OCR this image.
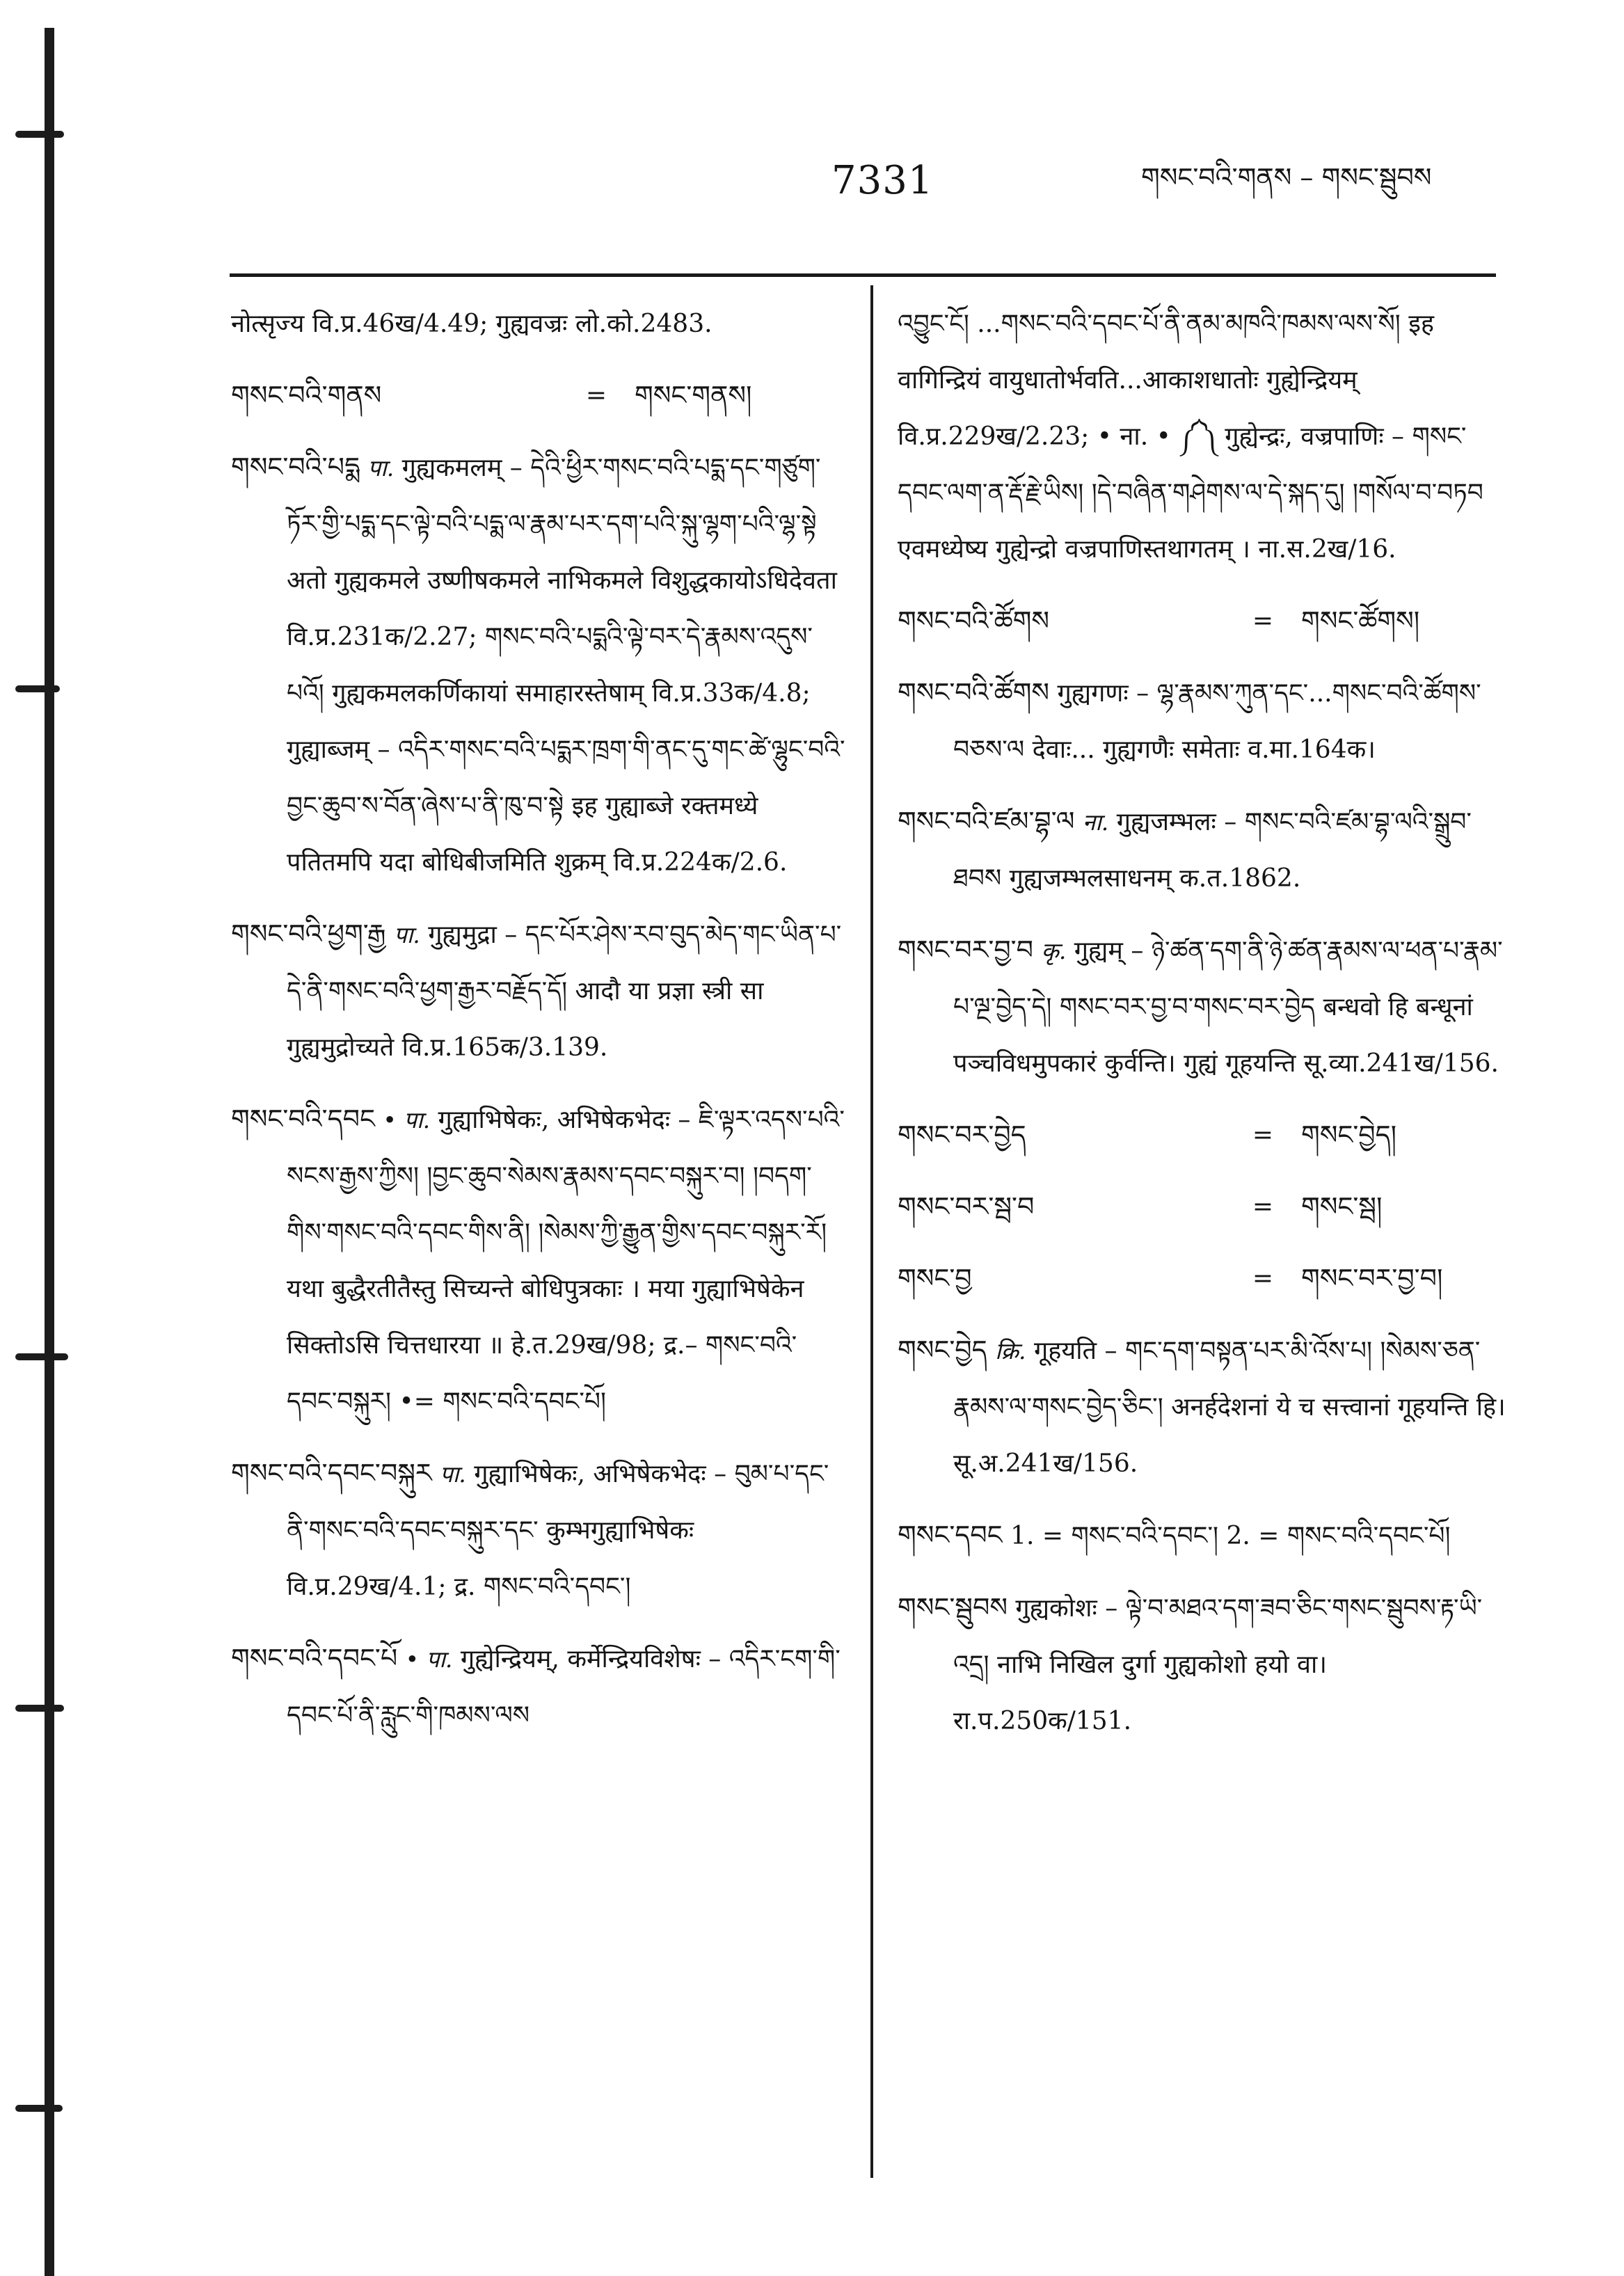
7331	གསང་བའི་གནས – གསང་སྦུབས

नोत्सृज्य वि.प्र.46ख/4.49; गुह्यवज्रः लो.को.2483.

གསང་བའི་གནས	=	གསང་གནས།

གསང་བའི་པདྨ पा. गुह्यकमलम् – དེའི་ཕྱིར་གསང་བའི་པདྨ་དང་གཙུག་ཏོར་གྱི་པདྨ་དང་ལྟེ་བའི་པདྨ་ལ་རྣམ་པར་དག་པའི་སྐུ་ལྷག་པའི་ལྷ་སྟེ अतो गुह्यकमले उष्णीषकमले नाभिकमले विशुद्धकायोऽधिदेवता वि.प्र.231क/2.27; གསང་བའི་པདྨའི་ལྟེ་བར་དེ་རྣམས་འདུས་པའོ། गुह्यकमलकर्णिकायां समाहारस्तेषाम् वि.प्र.33क/4.8; गुह्याब्जम् – འདིར་གསང་བའི་པདྨར་ཁྲག་གི་ནང་དུ་གང་ཚེ་ལྷུང་བའི་བྱང་ཆུབ་ས་བོན་ཞེས་པ་ནི་ཁུ་བ་སྟེ इह गुह्याब्जे रक्तमध्ये पतितमपि यदा बोधिबीजमिति शुक्रम् वि.प्र.224क/2.6.

གསང་བའི་ཕྱག་རྒྱ पा. गुह्यमुद्रा – དང་པོར་ཤེས་རབ་བུད་མེད་གང་ཡིན་པ་དེ་ནི་གསང་བའི་ཕྱག་རྒྱར་བརྗོད་དོ། आदौ या प्रज्ञा स्त्री सा गुह्यमुद्रोच्यते वि.प्र.165क/3.139.

གསང་བའི་དབང • पा. गुह्याभिषेकः, अभिषेकभेदः – ཇི་ལྟར་འདས་པའི་སངས་རྒྱས་ཀྱིས། །བྱང་ཆུབ་སེམས་རྣམས་དབང་བསྐུར་བ། །བདག་གིས་གསང་བའི་དབང་གིས་ནི། །སེམས་ཀྱི་རྒྱུན་གྱིས་དབང་བསྐུར་རོ། यथा बुद्धैरतीतैस्तु सिच्यन्ते बोधिपुत्रकाः । मया गुह्याभिषेकेन सिक्तोऽसि चित्तधारया ॥ हे.त.29ख/98; द्र.– གསང་བའི་དབང་བསྐུར། •= གསང་བའི་དབང་པོ།

གསང་བའི་དབང་བསྐུར पा. गुह्याभिषेकः, अभिषेकभेदः – བུམ་པ་དང་ནི་གསང་བའི་དབང་བསྐུར་དང་ कुम्भगुह्याभिषेकः वि.प्र.29ख/4.1; द्र. གསང་བའི་དབང་།

གསང་བའི་དབང་པོ • पा. गुह्येन्द्रियम्, कर्मेन्द्रियविशेषः – འདིར་ངག་གི་དབང་པོ་ནི་རླུང་གི་ཁམས་ལས

འབྱུང་ངོ། ...གསང་བའི་དབང་པོ་ནི་ནམ་མཁའི་ཁམས་ལས་སོ། इह वागिन्द्रियं वायुधातोर्भवति...आकाशधातोः गुह्येन्द्रियम् वि.प्र.229ख/2.23; • ना. • ༼༽ गुह्येन्द्रः, वज्रपाणिः – གསང་དབང་ལག་ན་རྡོ་རྗེ་ཡིས། །དེ་བཞིན་གཤེགས་ལ་དེ་སྐད་དུ། །གསོལ་བ་བཏབ एवमध्येष्य गुह्येन्द्रो वज्रपाणिस्तथागतम् । ना.स.2ख/16.

གསང་བའི་ཚོགས	=	གསང་ཚོགས།

གསང་བའི་ཚོགས गुह्यगणः – ལྷ་རྣམས་ཀུན་དང་...གསང་བའི་ཚོགས་བཅས་ལ देवाः... गुह्यगणैः समेताः व.मा.164क।

གསང་བའི་ཛམ་བྷ་ལ ना. गुह्यजम्भलः – གསང་བའི་ཛམ་བྷ་ལའི་སྒྲུབ་ཐབས गुह्यजम्भलसाधनम् क.त.1862.

གསང་བར་བྱ་བ कृ. गुह्यम् – ཉེ་ཚན་དག་ནི་ཉེ་ཚན་རྣམས་ལ་ཕན་པ་རྣམ་པ་ལྔ་བྱེད་དེ། གསང་བར་བྱ་བ་གསང་བར་བྱེད बन्धवो हि बन्धूनां पञ्चविधमुपकारं कुर्वन्ति। गुह्यं गूहयन्ति सू.व्या.241ख/156.

གསང་བར་བྱེད	=	གསང་བྱེད།
གསང་བར་སྦ་བ	=	གསང་སྦ།
གསང་བྱ	=	གསང་བར་བྱ་བ།

གསང་བྱེད क्रि. गूहयति – གང་དག་བསྟན་པར་མི་འོས་པ། །སེམས་ཅན་རྣམས་ལ་གསང་བྱེད་ཅིང་། अनर्हदेशनां ये च सत्त्वानां गूहयन्ति हि। सू.अ.241ख/156.

གསང་དབང 1. = གསང་བའི་དབང་། 2. = གསང་བའི་དབང་པོ།

གསང་སྦུབས गुह्यकोशः – ལྟེ་བ་མཐའ་དག་ཟབ་ཅིང་གསང་སྦུབས་རྟ་ཡི་འདྲ། नाभि निखिल दुर्गा गुह्यकोशो हयो वा। रा.प.250क/151.
